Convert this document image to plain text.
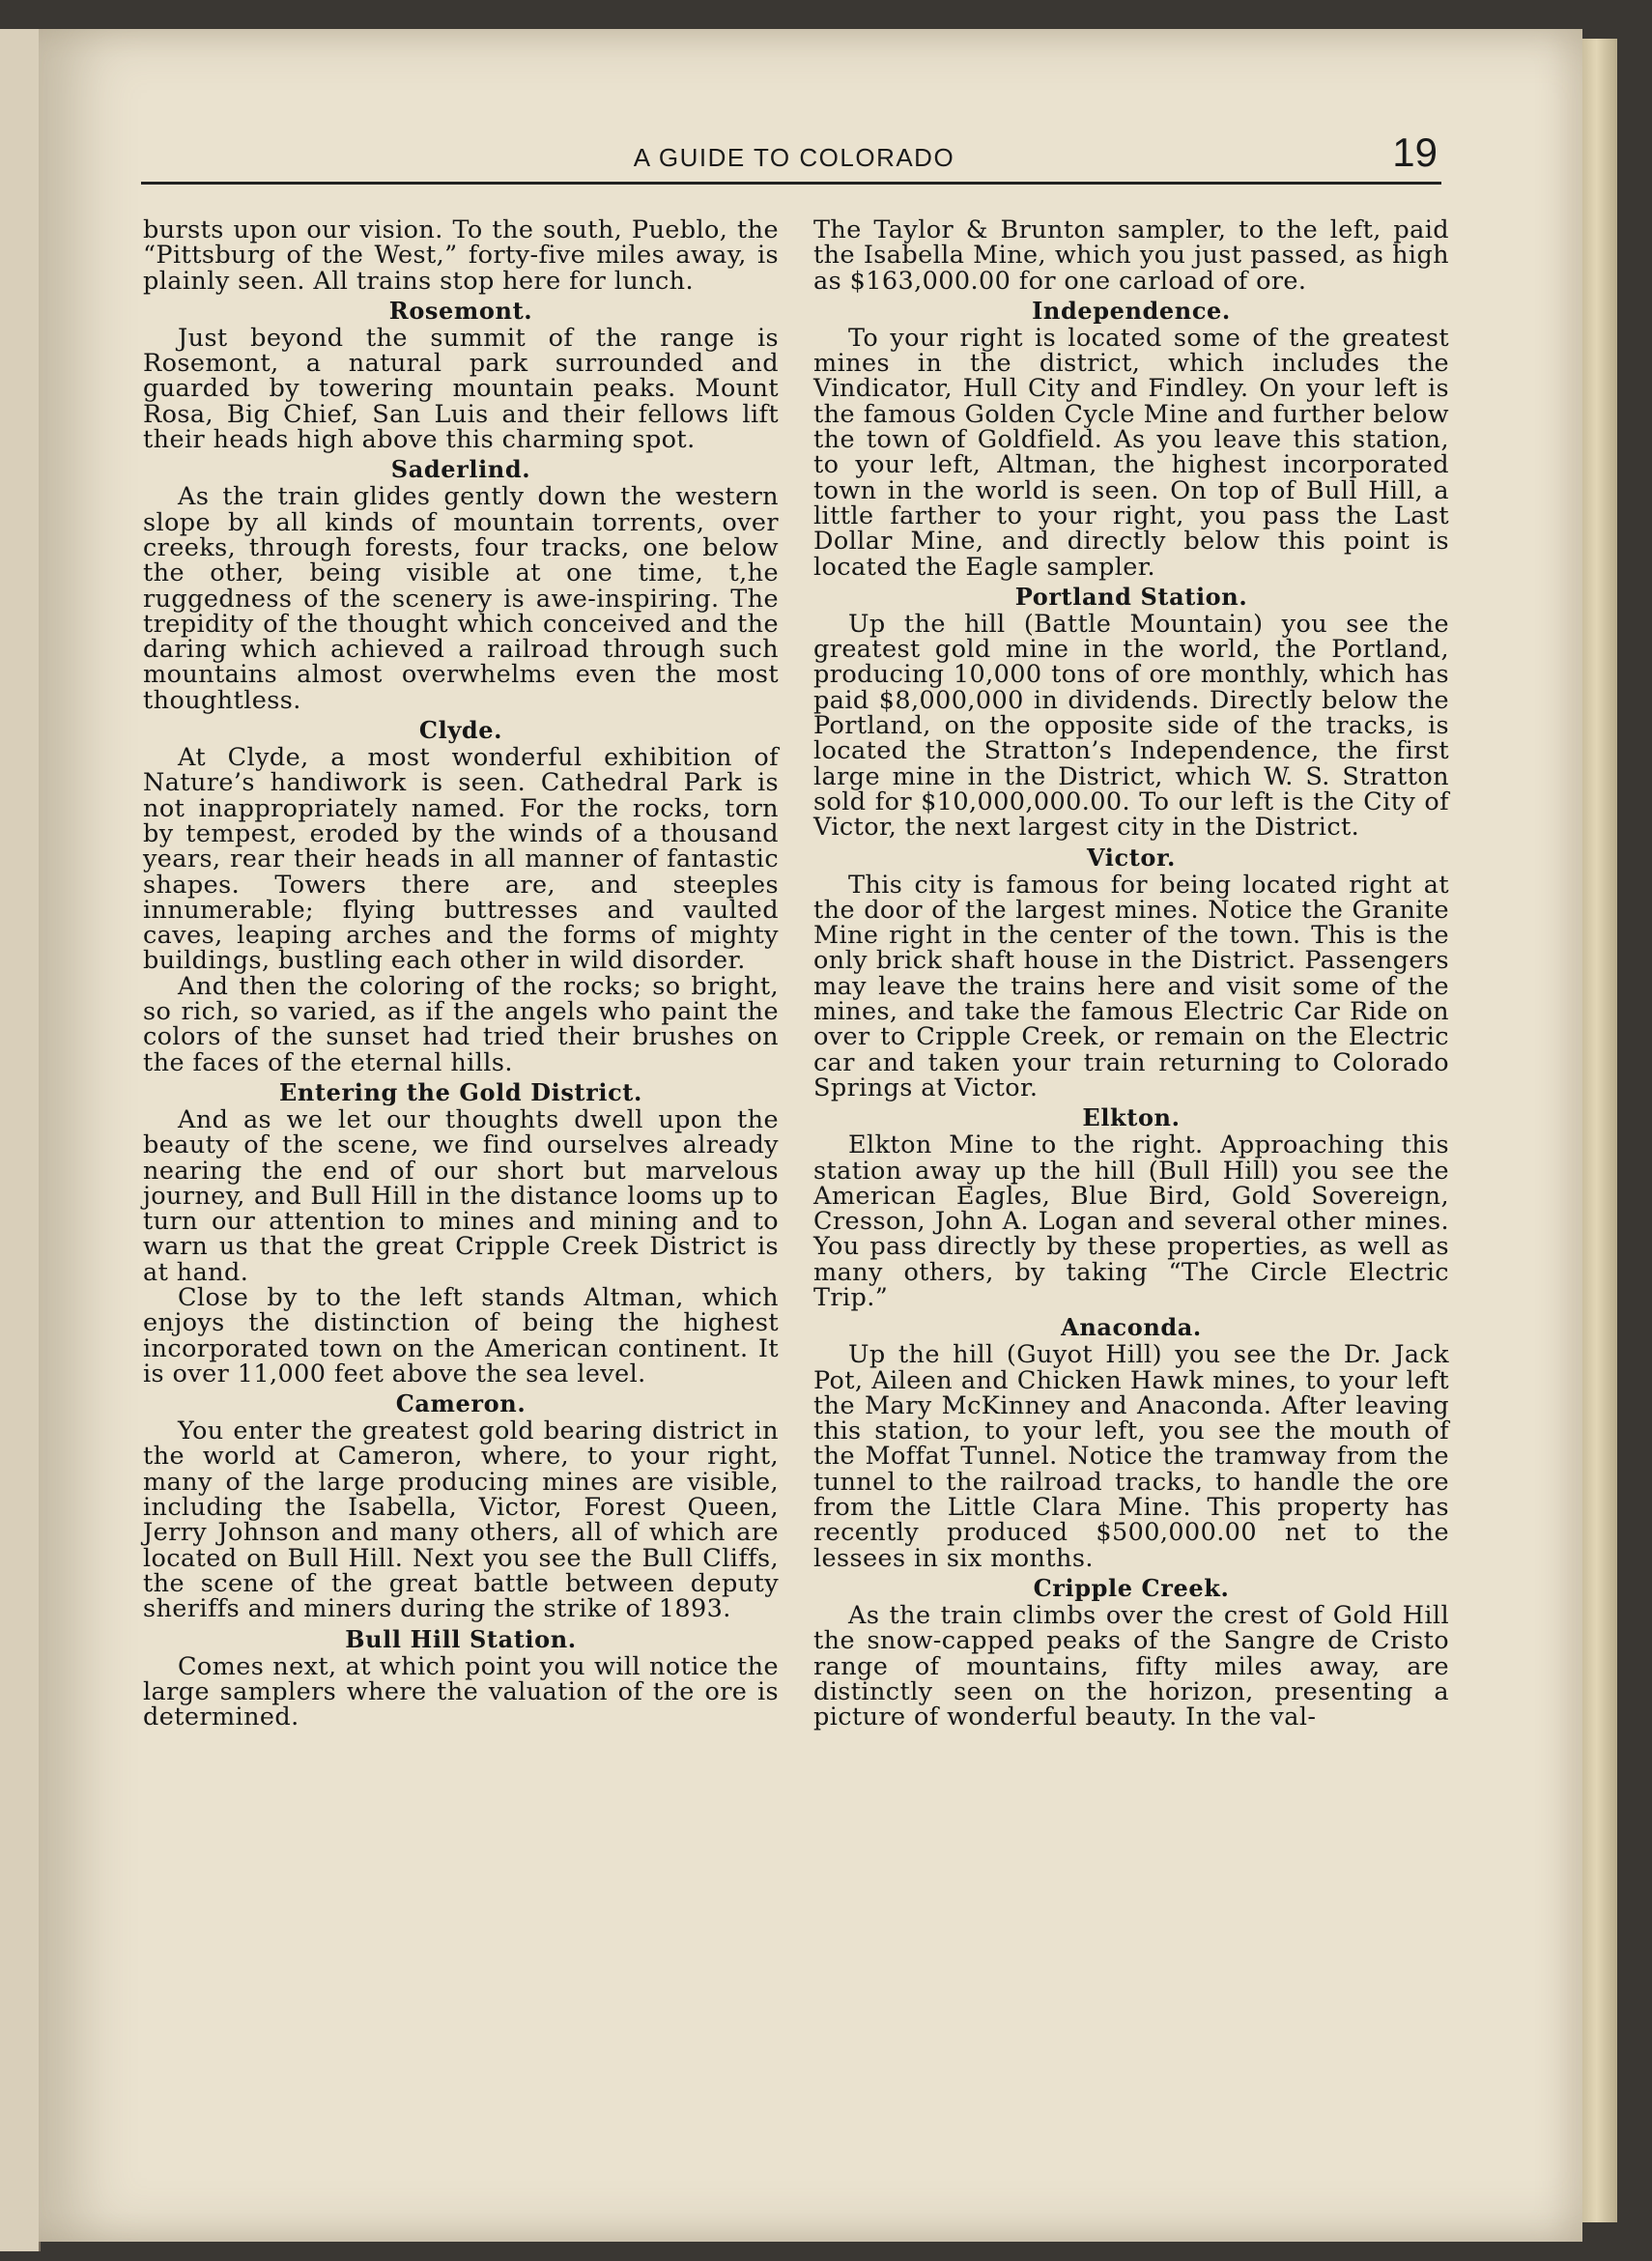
A GUIDE TO COLORADO	19

bursts upon our vision. To the south, Pueblo, the “Pittsburg of the West,” forty-five miles away, is plainly seen. All trains stop here for lunch.

Rosemont.

Just beyond the summit of the range is Rosemont, a natural park surrounded and guarded by towering mountain peaks. Mount Rosa, Big Chief, San Luis and their fellows lift their heads high above this charming spot.

Saderlind.

As the train glides gently down the western slope by all kinds of mountain torrents, over creeks, through forests, four tracks, one below the other, being visible at one time, t,he ruggedness of the scenery is awe-inspiring. The trepidity of the thought which conceived and the daring which achieved a railroad through such mountains almost overwhelms even the most thoughtless.

Clyde.

At Clyde, a most wonderful exhibition of Nature’s handiwork is seen. Cathedral Park is not inappropriately named. For the rocks, torn by tempest, eroded by the winds of a thousand years, rear their heads in all manner of fantastic shapes. Towers there are, and steeples innumerable; flying buttresses and vaulted caves, leaping arches and the forms of mighty buildings, bustling each other in wild disorder.

And then the coloring of the rocks; so bright, so rich, so varied, as if the angels who paint the colors of the sunset had tried their brushes on the faces of the eternal hills.

Entering the Gold District.

And as we let our thoughts dwell upon the beauty of the scene, we find ourselves already nearing the end of our short but marvelous journey, and Bull Hill in the distance looms up to turn our attention to mines and mining and to warn us that the great Cripple Creek District is at hand.

Close by to the left stands Altman, which enjoys the distinction of being the highest incorporated town on the American continent. It is over 11,000 feet above the sea level.

Cameron.

You enter the greatest gold bearing district in the world at Cameron, where, to your right, many of the large producing mines are visible, including the Isabella, Victor, Forest Queen, Jerry Johnson and many others, all of which are located on Bull Hill. Next you see the Bull Cliffs, the scene of the great battle between deputy sheriffs and miners during the strike of 1893.

Bull Hill Station.

Comes next, at which point you will notice the large samplers where the valuation of the ore is determined.

The Taylor & Brunton sampler, to the left, paid the Isabella Mine, which you just passed, as high as $163,000.00 for one carload of ore.

Independence.

To your right is located some of the greatest mines in the district, which includes the Vindicator, Hull City and Findley. On your left is the famous Golden Cycle Mine and further below the town of Goldfield. As you leave this station, to your left, Altman, the highest incorporated town in the world is seen. On top of Bull Hill, a little farther to your right, you pass the Last Dollar Mine, and directly below this point is located the Eagle sampler.

Portland Station.

Up the hill (Battle Mountain) you see the greatest gold mine in the world, the Portland, producing 10,000 tons of ore monthly, which has paid $8,000,000 in dividends. Directly below the Portland, on the opposite side of the tracks, is located the Stratton’s Independence, the first large mine in the District, which W. S. Stratton sold for $10,000,000.00. To our left is the City of Victor, the next largest city in the District.

Victor.

This city is famous for being located right at the door of the largest mines. Notice the Granite Mine right in the center of the town. This is the only brick shaft house in the District. Passengers may leave the trains here and visit some of the mines, and take the famous Electric Car Ride on over to Cripple Creek, or remain on the Electric car and taken your train returning to Colorado Springs at Victor.

Elkton.

Elkton Mine to the right. Approaching this station away up the hill (Bull Hill) you see the American Eagles, Blue Bird, Gold Sovereign, Cresson, John A. Logan and several other mines. You pass directly by these properties, as well as many others, by taking “The Circle Electric Trip.”

Anaconda.

Up the hill (Guyot Hill) you see the Dr. Jack Pot, Aileen and Chicken Hawk mines, to your left the Mary McKinney and Anaconda. After leaving this station, to your left, you see the mouth of the Moffat Tunnel. Notice the tramway from the tunnel to the railroad tracks, to handle the ore from the Little Clara Mine. This property has recently produced $500,000.00 net to the lessees in six months.

Cripple Creek.

As the train climbs over the crest of Gold Hill the snow-capped peaks of the Sangre de Cristo range of mountains, fifty miles away, are distinctly seen on the horizon, presenting a picture of wonderful beauty. In the val-
